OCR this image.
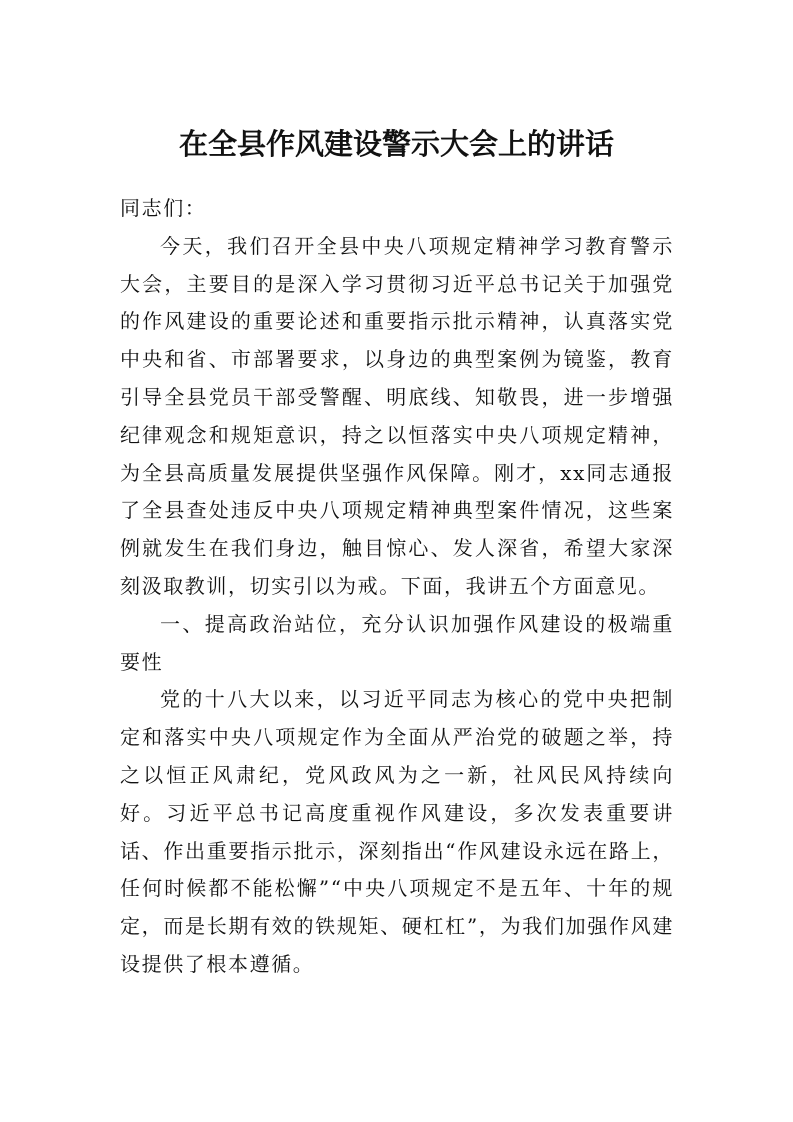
在全县作风建设警示大会上的讲话

同志们：

今天，我们召开全县中央八项规定精神学习教育警示大会，主要目的是深入学习贯彻习近平总书记关于加强党的作风建设的重要论述和重要指示批示精神，认真落实党中央和省、市部署要求，以身边的典型案例为镜鉴，教育引导全县党员干部受警醒、明底线、知敬畏，进一步增强纪律观念和规矩意识，持之以恒落实中央八项规定精神，为全县高质量发展提供坚强作风保障。刚才，xx同志通报了全县查处违反中央八项规定精神典型案件情况，这些案例就发生在我们身边，触目惊心、发人深省，希望大家深刻汲取教训，切实引以为戒。下面，我讲五个方面意见。

一、提高政治站位，充分认识加强作风建设的极端重要性

党的十八大以来，以习近平同志为核心的党中央把制定和落实中央八项规定作为全面从严治党的破题之举，持之以恒正风肃纪，党风政风为之一新，社风民风持续向好。习近平总书记高度重视作风建设，多次发表重要讲话、作出重要指示批示，深刻指出“作风建设永远在路上，任何时候都不能松懈”“中央八项规定不是五年、十年的规定，而是长期有效的铁规矩、硬杠杠”，为我们加强作风建设提供了根本遵循。
